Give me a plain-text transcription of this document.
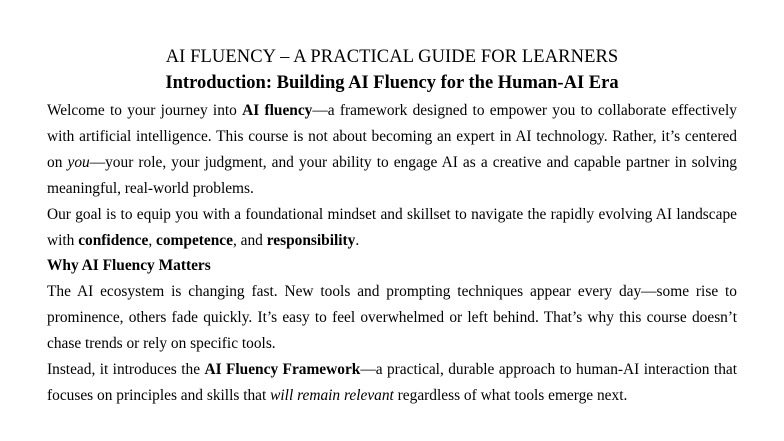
AI FLUENCY – A PRACTICAL GUIDE FOR LEARNERS

Introduction: Building AI Fluency for the Human-AI Era

Welcome to your journey into AI fluency—a framework designed to empower you to collaborate effectively with artificial intelligence. This course is not about becoming an expert in AI technology. Rather, it’s centered on you—your role, your judgment, and your ability to engage AI as a creative and capable partner in solving meaningful, real-world problems.

Our goal is to equip you with a foundational mindset and skillset to navigate the rapidly evolving AI landscape with confidence, competence, and responsibility.

Why AI Fluency Matters

The AI ecosystem is changing fast. New tools and prompting techniques appear every day—some rise to prominence, others fade quickly. It’s easy to feel overwhelmed or left behind. That’s why this course doesn’t chase trends or rely on specific tools.

Instead, it introduces the AI Fluency Framework—a practical, durable approach to human-AI interaction that focuses on principles and skills that will remain relevant regardless of what tools emerge next.
